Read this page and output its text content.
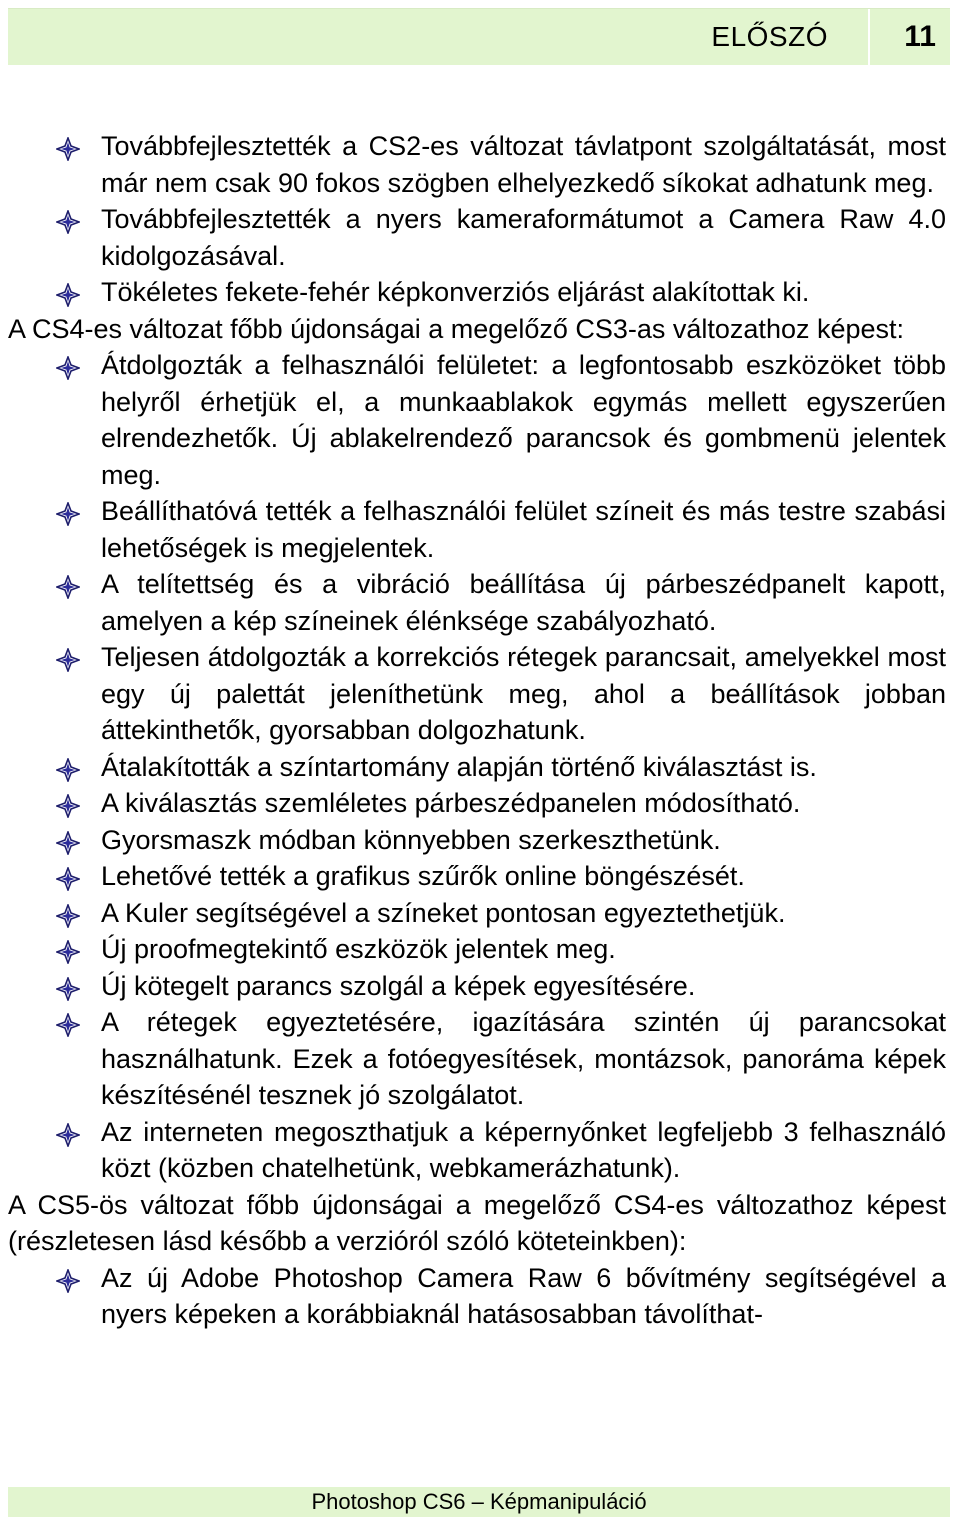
ELŐSZÓ	11
Továbbfejlesztették a CS2-es változat távlatpont szolgáltatását, most már nem csak 90 fokos szögben elhelyezkedő síkokat adhatunk meg.
Továbbfejlesztették a nyers kameraformátumot a Camera Raw 4.0 kidolgozásával.
Tökéletes fekete-fehér képkonverziós eljárást alakítottak ki.

A CS4-es változat főbb újdonságai a megelőző CS3-as változathoz képest:

Átdolgozták a felhasználói felületet: a legfontosabb eszközöket több helyről érhetjük el, a munkaablakok egymás mellett egyszerűen elrendezhetők. Új ablakelrendező parancsok és gombmenü jelentek meg.
Beállíthatóvá tették a felhasználói felület színeit és más testre szabási lehetőségek is megjelentek.
A telítettség és a vibráció beállítása új párbeszédpanelt kapott, amelyen a kép színeinek élénksége szabályozható.
Teljesen átdolgozták a korrekciós rétegek parancsait, amelyekkel most egy új palettát jeleníthetünk meg, ahol a beállítások jobban áttekinthetők, gyorsabban dolgozhatunk.
Átalakították a színtartomány alapján történő kiválasztást is.
A kiválasztás szemléletes párbeszédpanelen módosítható.
Gyorsmaszk módban könnyebben szerkeszthetünk.
Lehetővé tették a grafikus szűrők online böngészését.
A Kuler segítségével a színeket pontosan egyeztethetjük.
Új proofmegtekintő eszközök jelentek meg.
Új kötegelt parancs szolgál a képek egyesítésére.
A rétegek egyeztetésére, igazítására szintén új parancsokat használhatunk. Ezek a fotóegyesítések, montázsok, panoráma képek készítésénél tesznek jó szolgálatot.
Az interneten megoszthatjuk a képernyőnket legfeljebb 3 felhasználó közt (közben chatelhetünk, webkamerázhatunk).

A CS5-ös változat főbb újdonságai a megelőző CS4-es változathoz képest (részletesen lásd később a verzióról szóló köteteinkben):

Az új Adobe Photoshop Camera Raw 6 bővítmény segítségével a nyers képeken a korábbiaknál hatásosabban távolíthat-
Photoshop CS6 – Képmanipuláció
